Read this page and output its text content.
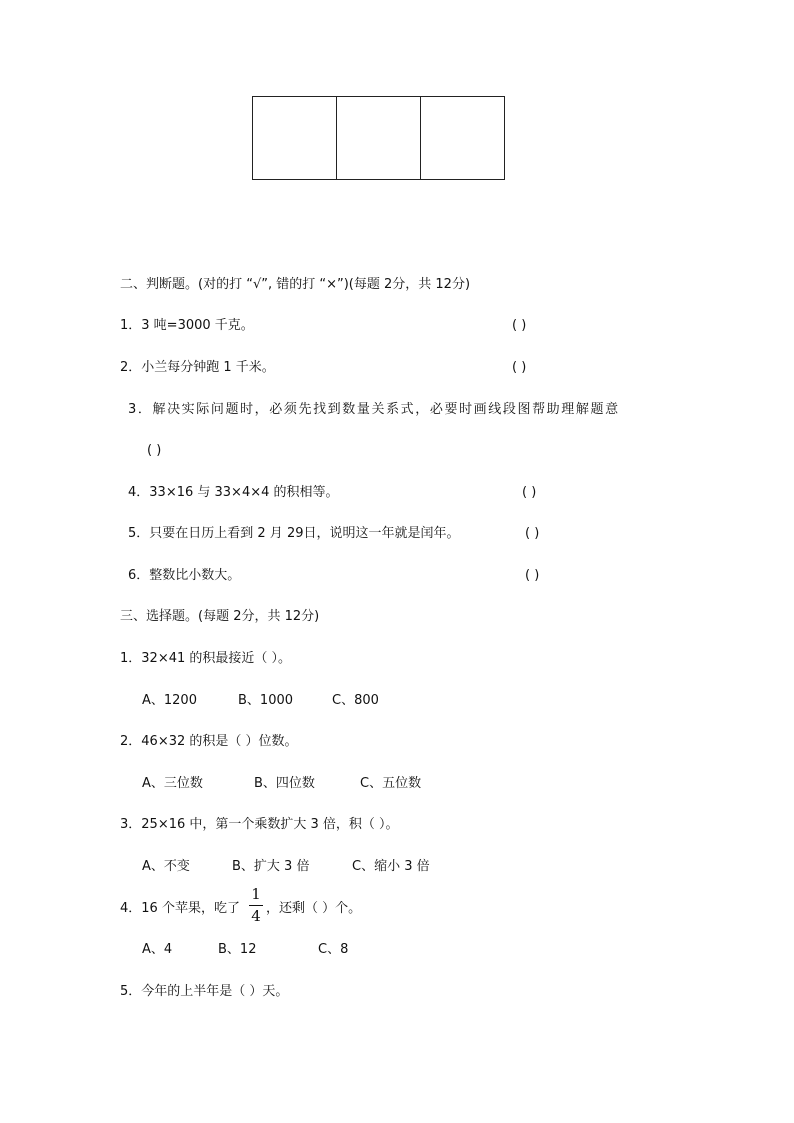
二、判断题。(对的打 “√”, 错的打 “×”)(每题 2分，共 12分)
1．3 吨=3000 千克。	( )
2．小兰每分钟跑 1 千米。	( )
3．解决实际问题时，必须先找到数量关系式，必要时画线段图帮助理解题意
( )
4．33×16 与 33×4×4 的积相等。	( )
5．只要在日历上看到 2 月 29日，说明这一年就是闰年。	( )
6．整数比小数大。	( )
三、选择题。(每题 2分，共 12分)
1．32×41 的积最接近（ ）。
A、1200	B、1000	C、800
2．46×32 的积是（ ）位数。
A、三位数	B、四位数	C、五位数
3．25×16 中，第一个乘数扩大 3 倍，积（ ）。
A、不变	B、扩大 3 倍	C、缩小 3 倍
4．16 个苹果，吃了
1
4 ，还剩（ ）个。
A、4	B、12	C、8
5．今年的上半年是（ ）天。
